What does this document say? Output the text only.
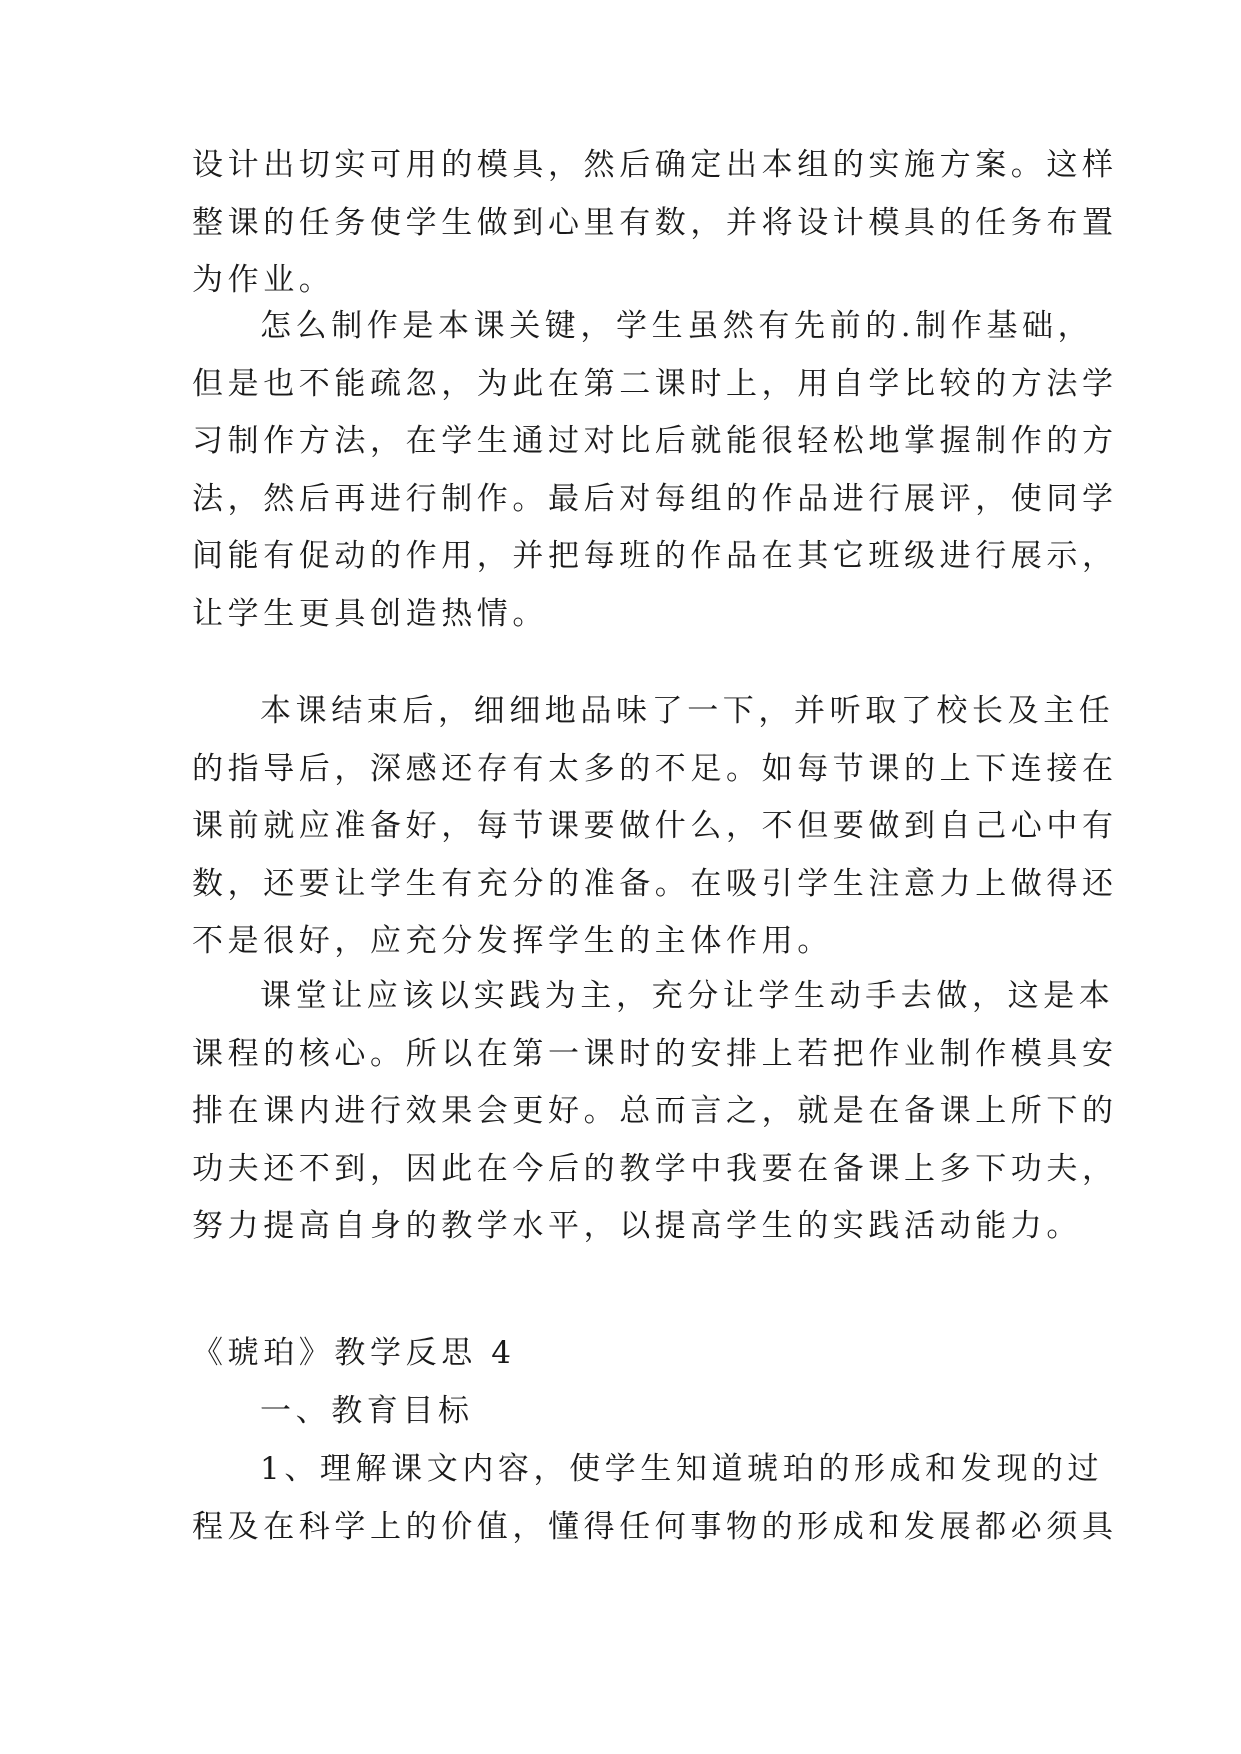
设计出切实可用的模具，然后确定出本组的实施方案。这样
整课的任务使学生做到心里有数，并将设计模具的任务布置
为作业。
怎么制作是本课关键，学生虽然有先前的.制作基础，
但是也不能疏忽，为此在第二课时上，用自学比较的方法学
习制作方法，在学生通过对比后就能很轻松地掌握制作的方
法，然后再进行制作。最后对每组的作品进行展评，使同学
间能有促动的作用，并把每班的作品在其它班级进行展示，
让学生更具创造热情。
本课结束后，细细地品味了一下，并听取了校长及主任
的指导后，深感还存有太多的不足。如每节课的上下连接在
课前就应准备好，每节课要做什么，不但要做到自己心中有
数，还要让学生有充分的准备。在吸引学生注意力上做得还
不是很好，应充分发挥学生的主体作用。
课堂让应该以实践为主，充分让学生动手去做，这是本
课程的核心。所以在第一课时的安排上若把作业制作模具安
排在课内进行效果会更好。总而言之，就是在备课上所下的
功夫还不到，因此在今后的教学中我要在备课上多下功夫，
努力提高自身的教学水平，以提高学生的实践活动能力。
《琥珀》教学反思 4
一、教育目标
1、理解课文内容，使学生知道琥珀的形成和发现的过
程及在科学上的价值，懂得任何事物的形成和发展都必须具
